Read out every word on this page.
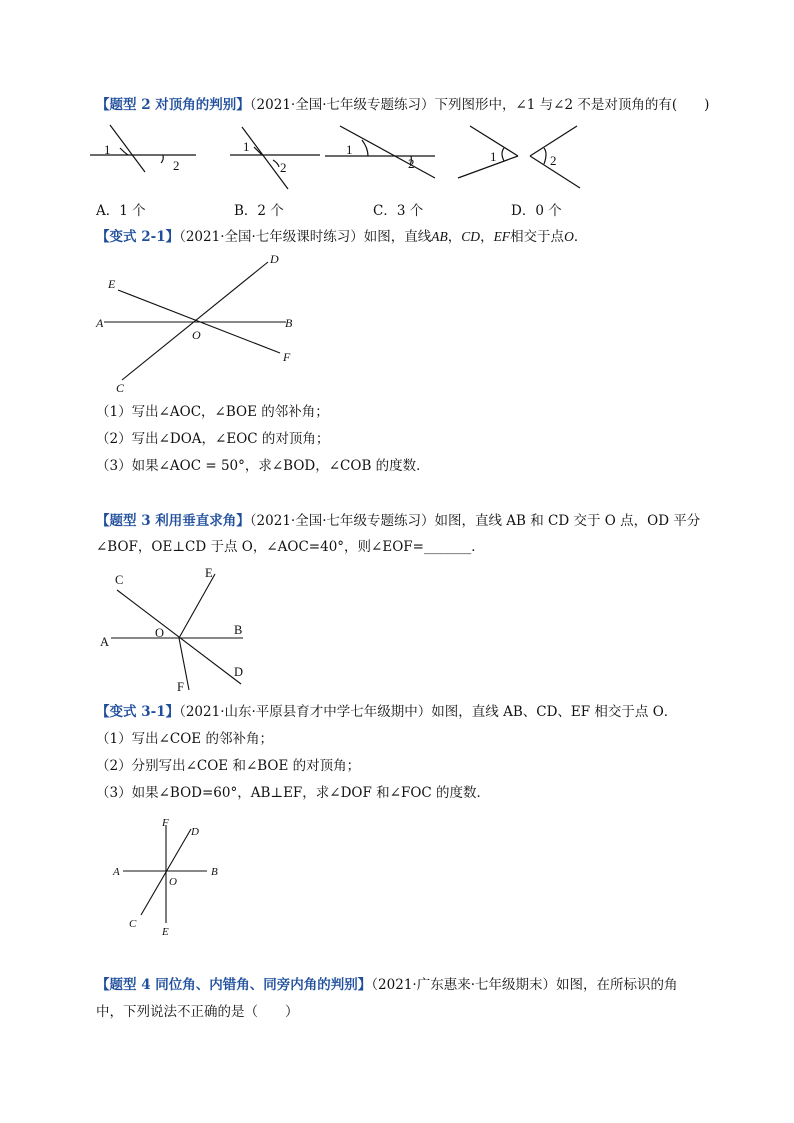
【题型 2 对顶角的判别】（2021·全国·七年级专题练习）下列图形中，∠1 与∠2 不是对顶角的有(　　)
1
2
1
2
1
2	1	2
A．1 个	B．2 个	C．3 个	D．0 个
【变式 2-1】（2021·全国·七年级课时练习）如图，直线AB，CD，EF相交于点O．
A	B
C
D
E
F
O
（1）写出∠AOC，∠BOE 的邻补角；
（2）写出∠DOA，∠EOC 的对顶角；
（3）如果∠AOC = 50°，求∠BOD，∠COB 的度数．
【题型 3 利用垂直求角】（2021·全国·七年级专题练习）如图，直线 AB 和 CD 交于 O 点，OD 平分
∠BOF，OE⊥CD 于点 O，∠AOC=40°，则∠EOF=_______．
A
B
C
D
E
F
O
【变式 3-1】（2021·山东·平原县育才中学七年级期中）如图，直线 AB、CD、EF 相交于点 O．
（1）写出∠COE 的邻补角；
（2）分别写出∠COE 和∠BOE 的对顶角；
（3）如果∠BOD=60°，AB⊥EF，求∠DOF 和∠FOC 的度数．
A	B
C
D
E
F
O
【题型 4 同位角、内错角、同旁内角的判别】（2021·广东惠来·七年级期末）如图，在所标识的角
中，下列说法不正确的是（　　）
